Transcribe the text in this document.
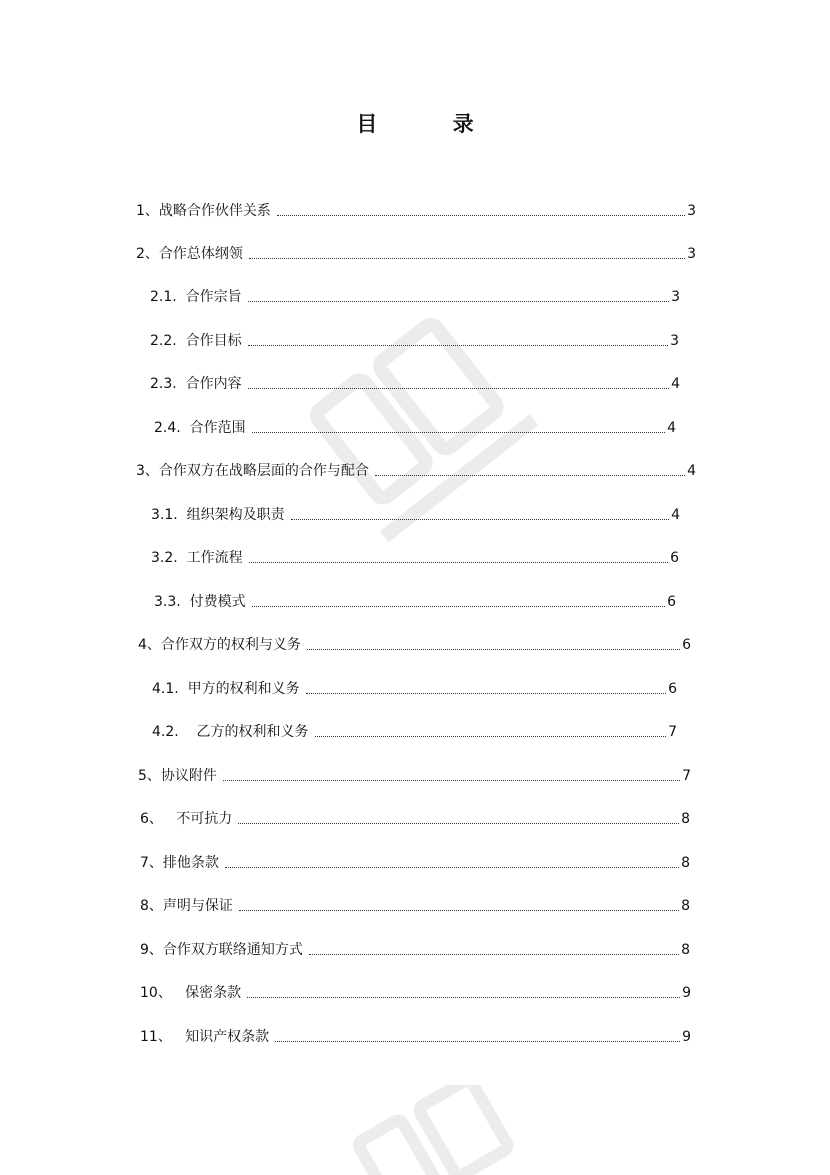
目 录
1、战略合作伙伴关系	3
2、合作总体纲领	3
2.1.  合作宗旨	3
2.2.  合作目标	3
2.3.  合作内容	4
2.4.  合作范围	4
3、合作双方在战略层面的合作与配合	4
3.1.  组织架构及职责	4
3.2.  工作流程	6
3.3.  付费模式	6
4、合作双方的权利与义务	6
4.1.  甲方的权利和义务	6
4.2.    乙方的权利和义务	7
5、协议附件	7
6、   不可抗力	8
7、排他条款	8
8、声明与保证	8
9、合作双方联络通知方式	8
10、   保密条款	9
11、   知识产权条款	9
